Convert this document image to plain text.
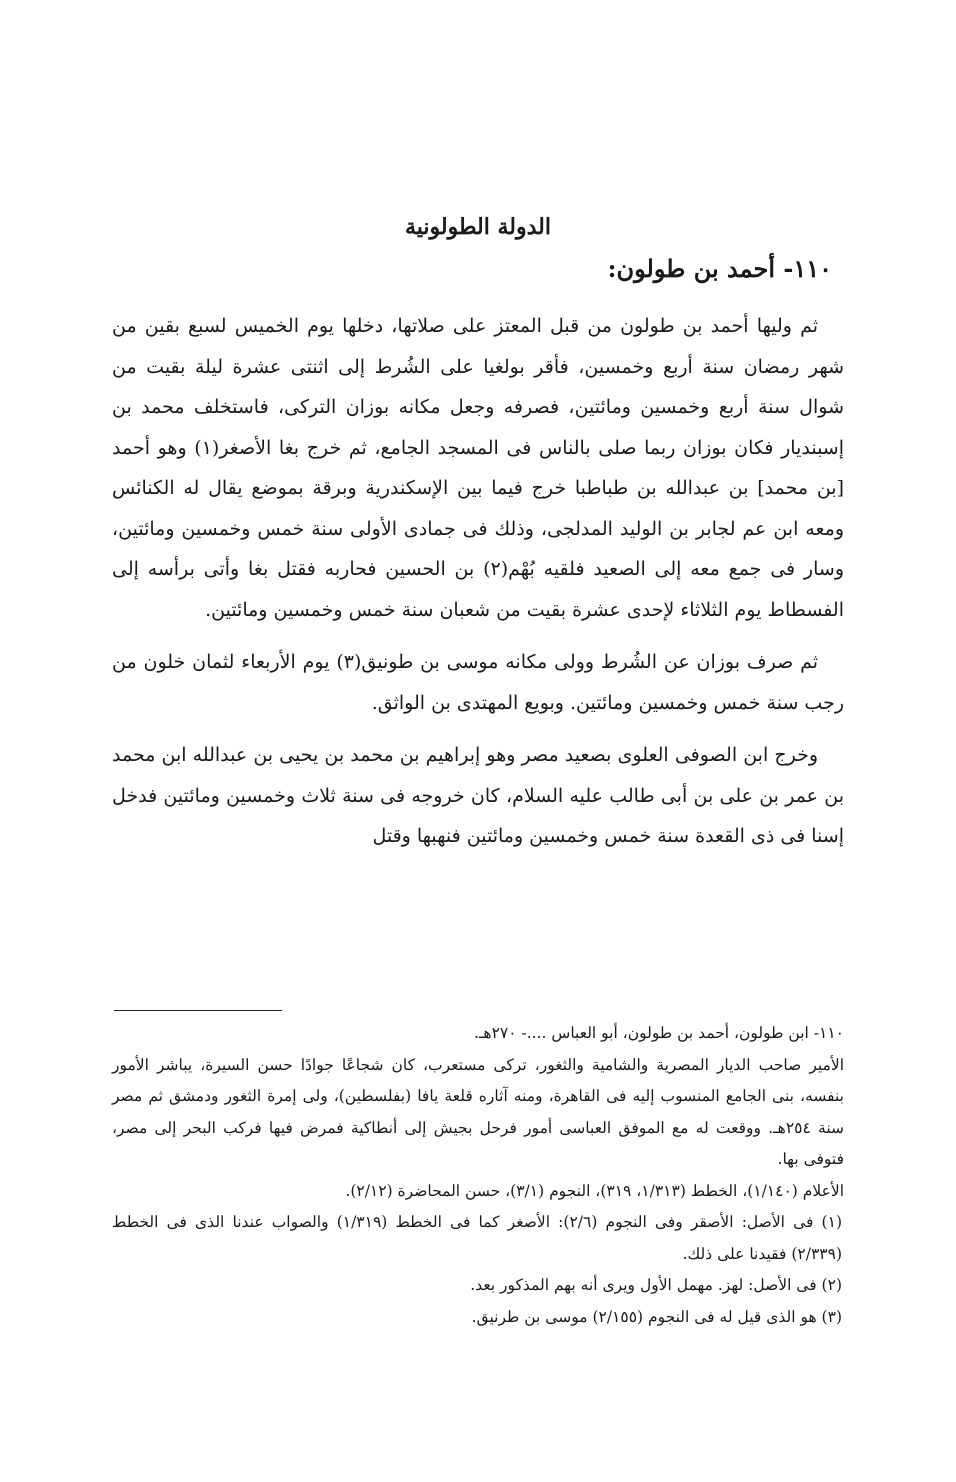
الدولة الطولونية
١١٠- أحمد بن طولون:

ثم وليها أحمد بن طولون من قبل المعتز على صلاتها، دخلها يوم الخميس لسبع بقين من شهر رمضان سنة أربع وخمسين، فأقر بولغيا على الشُرط إلى اثنتى عشرة ليلة بقيت من شوال سنة أربع وخمسين ومائتين، فصرفه وجعل مكانه بوزان التركى، فاستخلف محمد بن إسبنديار فكان بوزان ربما صلى بالناس فى المسجد الجامع، ثم خرج بغا الأصغر(١) وهو أحمد [بن محمد] بن عبدالله بن طباطبا خرج فيما بين الإسكندرية وبرقة بموضع يقال له الكنائس ومعه ابن عم لجابر بن الوليد المدلجى، وذلك فى جمادى الأولى سنة خمس وخمسين ومائتين، وسار فى جمع معه إلى الصعيد فلقيه بُهْم(٢) بن الحسين فحاربه فقتل بغا وأتى برأسه إلى الفسطاط يوم الثلاثاء لإحدى عشرة بقيت من شعبان سنة خمس وخمسين ومائتين.

ثم صرف بوزان عن الشُرط وولى مكانه موسى بن طونيق(٣) يوم الأربعاء لثمان خلون من رجب سنة خمس وخمسين ومائتين. وبويع المهتدى بن الواثق.

وخرج ابن الصوفى العلوى بصعيد مصر وهو إبراهيم بن محمد بن يحيى بن عبدالله ابن محمد بن عمر بن على بن أبى طالب عليه السلام، كان خروجه فى سنة ثلاث وخمسين ومائتين فدخل إسنا فى ذى القعدة سنة خمس وخمسين ومائتين فنهبها وقتل

١١٠- ابن طولون، أحمد بن طولون، أبو العباس ....- ٢٧٠هـ.

الأمير صاحب الديار المصرية والشامية والثغور، تركى مستعرب، كان شجاعًا جوادًا حسن السيرة، يباشر الأمور بنفسه، بنى الجامع المنسوب إليه فى القاهرة، ومنه آثاره قلعة يافا (بفلسطين)، ولى إمرة الثغور ودمشق ثم مصر سنة ٢٥٤هـ. ووقعت له مع الموفق العباسى أمور فرحل بجيش إلى أنطاكية فمرض فيها فركب البحر إلى مصر، فتوفى بها.

الأعلام (١/١٤٠)، الخطط (١/٣١٣، ٣١٩)، النجوم (٣/١)، حسن المحاضرة (٢/١٢).

(١) فى الأصل: الأصقر وفى النجوم (٢/٦): الأصغر كما فى الخطط (١/٣١٩) والصواب عندنا الذى فى الخطط (٢/٣٣٩) فقيدنا على ذلك.

(٢) فى الأصل: لهز. مهمل الأول ويرى أنه بهم المذكور بعد.

(٣) هو الذى قيل له فى النجوم (٢/١٥٥) موسى بن طرنيق.
